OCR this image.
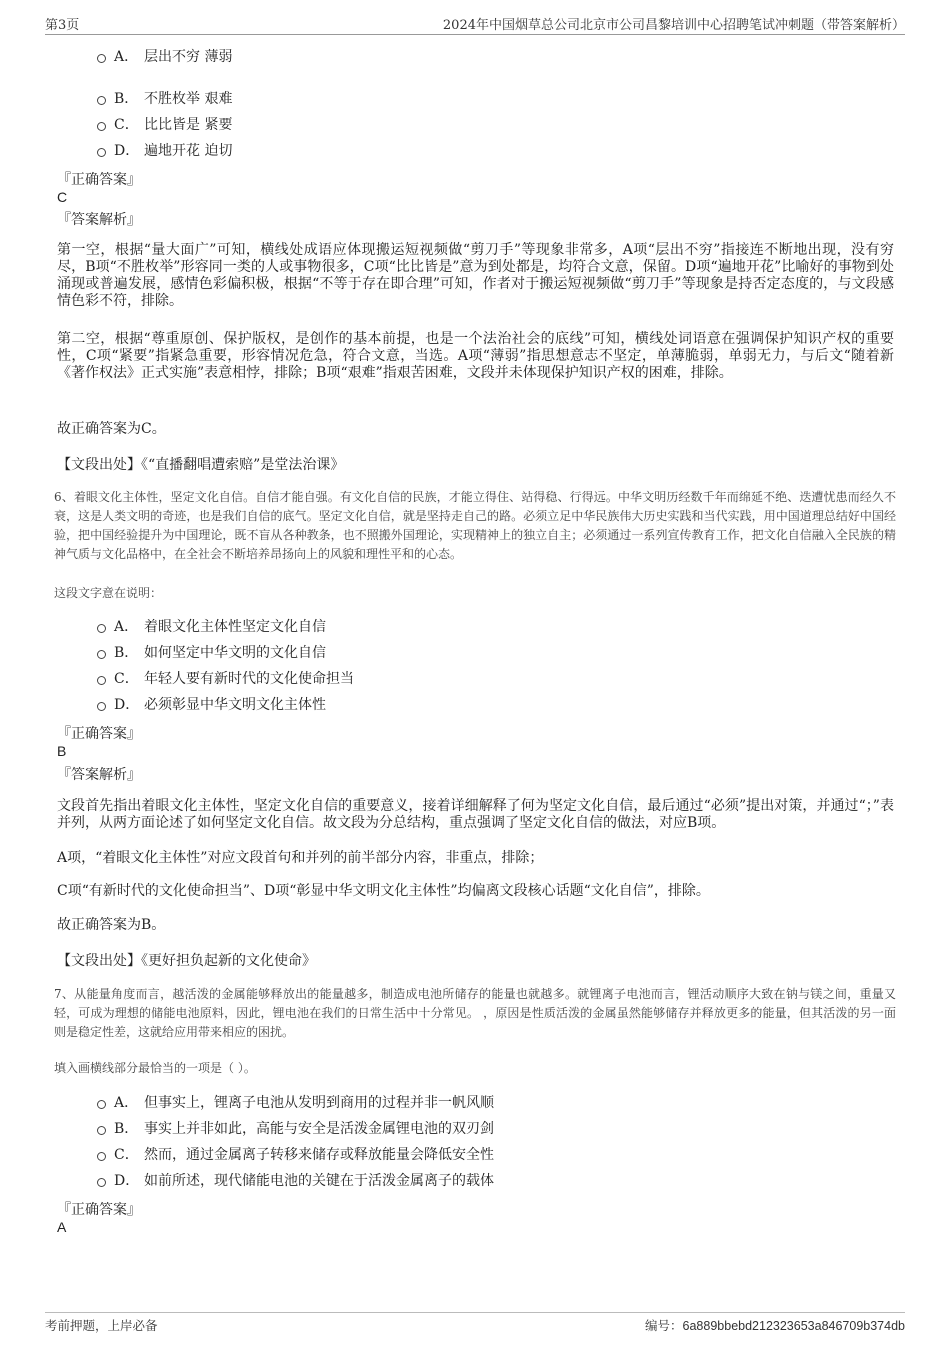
第3页	2024年中国烟草总公司北京市公司昌黎培训中心招聘笔试冲刺题（带答案解析）
A． 层出不穷 薄弱
B． 不胜枚举 艰难
C． 比比皆是 紧要
D． 遍地开花 迫切
『正确答案』
C
『答案解析』
第一空，根据“量大面广”可知，横线处成语应体现搬运短视频做“剪刀手”等现象非常多，A项“层出不穷”指接连不断地出现，没有穷尽，B项“不胜枚举”形容同一类的人或事物很多，C项“比比皆是”意为到处都是，均符合文意，保留。D项“遍地开花”比喻好的事物到处涌现或普遍发展，感情色彩偏积极，根据“不等于存在即合理”可知，作者对于搬运短视频做“剪刀手”等现象是持否定态度的，与文段感情色彩不符，排除。
第二空，根据“尊重原创、保护版权，是创作的基本前提，也是一个法治社会的底线”可知，横线处词语意在强调保护知识产权的重要性，C项“紧要”指紧急重要，形容情况危急，符合文意，当选。A项“薄弱”指思想意志不坚定，单薄脆弱，单弱无力，与后文“随着新《著作权法》正式实施”表意相悖，排除；B项“艰难”指艰苦困难，文段并未体现保护知识产权的困难，排除。
故正确答案为C。
【文段出处】《“直播翻唱遭索赔”是堂法治课》
6、着眼文化主体性，坚定文化自信。自信才能自强。有文化自信的民族，才能立得住、站得稳、行得远。中华文明历经数千年而绵延不绝、迭遭忧患而经久不衰，这是人类文明的奇迹，也是我们自信的底气。坚定文化自信，就是坚持走自己的路。必须立足中华民族伟大历史实践和当代实践，用中国道理总结好中国经验，把中国经验提升为中国理论，既不盲从各种教条，也不照搬外国理论，实现精神上的独立自主；必须通过一系列宣传教育工作，把文化自信融入全民族的精神气质与文化品格中，在全社会不断培养昂扬向上的风貌和理性平和的心态。
这段文字意在说明：
A． 着眼文化主体性坚定文化自信
B． 如何坚定中华文明的文化自信
C． 年轻人要有新时代的文化使命担当
D． 必须彰显中华文明文化主体性
『正确答案』
B
『答案解析』
文段首先指出着眼文化主体性，坚定文化自信的重要意义，接着详细解释了何为坚定文化自信，最后通过“必须”提出对策，并通过“；”表并列，从两方面论述了如何坚定文化自信。故文段为分总结构，重点强调了坚定文化自信的做法，对应B项。
A项，“着眼文化主体性”对应文段首句和并列的前半部分内容，非重点，排除；
C项“有新时代的文化使命担当”、D项“彰显中华文明文化主体性”均偏离文段核心话题“文化自信”，排除。
故正确答案为B。
【文段出处】《更好担负起新的文化使命》
7、从能量角度而言，越活泼的金属能够释放出的能量越多，制造成电池所储存的能量也就越多。就锂离子电池而言，锂活动顺序大致在钠与镁之间，重量又轻，可成为理想的储能电池原料，因此，锂电池在我们的日常生活中十分常见。 ，原因是性质活泼的金属虽然能够储存并释放更多的能量，但其活泼的另一面则是稳定性差，这就给应用带来相应的困扰。
填入画横线部分最恰当的一项是（ ）。
A． 但事实上，锂离子电池从发明到商用的过程并非一帆风顺
B． 事实上并非如此，高能与安全是活泼金属锂电池的双刃剑
C． 然而，通过金属离子转移来储存或释放能量会降低安全性
D． 如前所述，现代储能电池的关键在于活泼金属离子的载体
『正确答案』
A
考前押题，上岸必备	编号：6a889bbebd212323653a846709b374db
